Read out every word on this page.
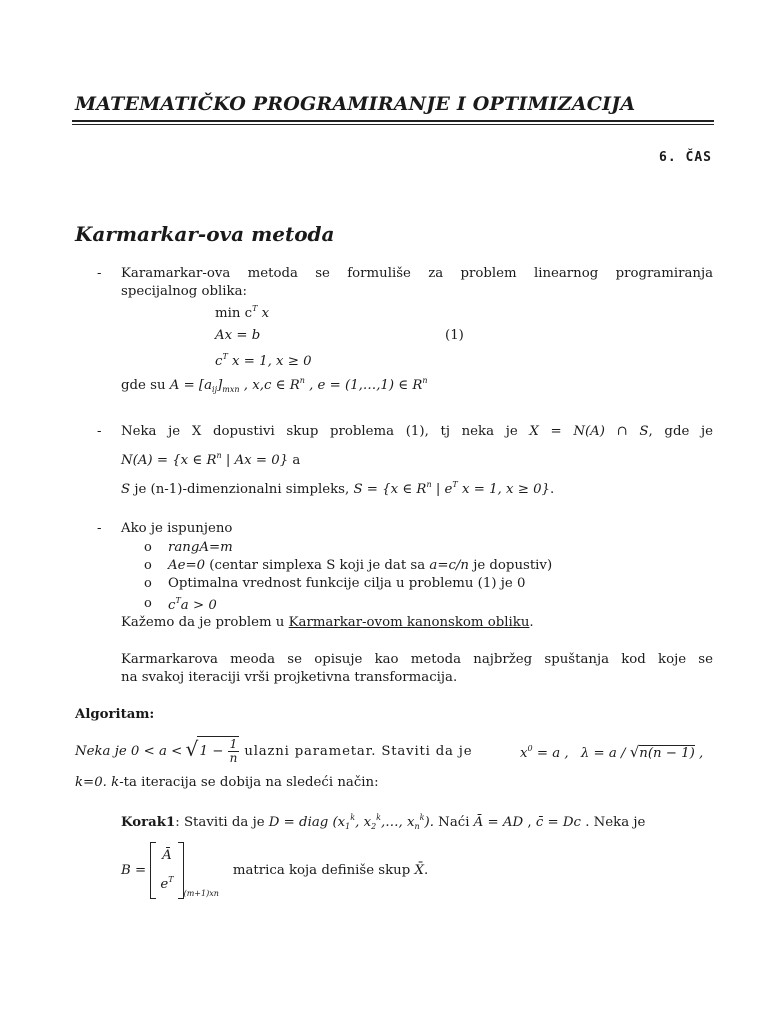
MATEMATIČKO PROGRAMIRANJE I OPTIMIZACIJA
6. ČAS
Karmarkar-ova metoda
- Karamarkar-ova metoda se formuliše za problem linearnog programiranja
specijalnog oblika:
$\min c^T$ x
Ax = b	(1)
$c^T$ x = 1, x ≥ 0
gde su $A = [a_{ij}]_{mxn}$ , x,c ∈ $R^n$ , e = (1,…,1) ∈ $R^n$
- Neka je X dopustivi skup problema (1), tj neka je X = N(A) ∩ S, gde je
N(A) = {x ∈ $R^n$ | Ax = 0} a
S je (n-1)-dimenzionalni simpleks, S = {x ∈ $R^n$ | $e^T$ x = 1, x ≥ 0}.
- Ako je ispunjeno
o rangA=m
o Ae=0 (centar simplexa S koji je dat sa a=c/n je dopustiv)
o Optimalna vrednost funkcije cilja u problemu (1) je 0
o $c^Ta > 0$
Kažemo da je problem u Karmarkar-ovom kanonskom obliku.
Karmarkarova meoda se opisuje kao metoda najbržeg spuštanja kod koje se
na svakoj iteraciji vrši projketivna transformacija.
Algoritam:
Neka je 0 < a < √ $1 - \frac{1}{n}$ ulazni parametar. Staviti da je	$x^0 = a$ , λ = a / √n(n − 1) ,
k=0. k-ta iteracija se dobija na sledeći način:
Korak1: Staviti da je D = diag ($x_1^k$, $x_2^k,\dots$, $x_n^k$). Naći Ā = AD , c̄ = Dc . Neka je
B =
Ā
$e^T$
$_{(m+1)xn}$matrica koja definiše skup X̄.
